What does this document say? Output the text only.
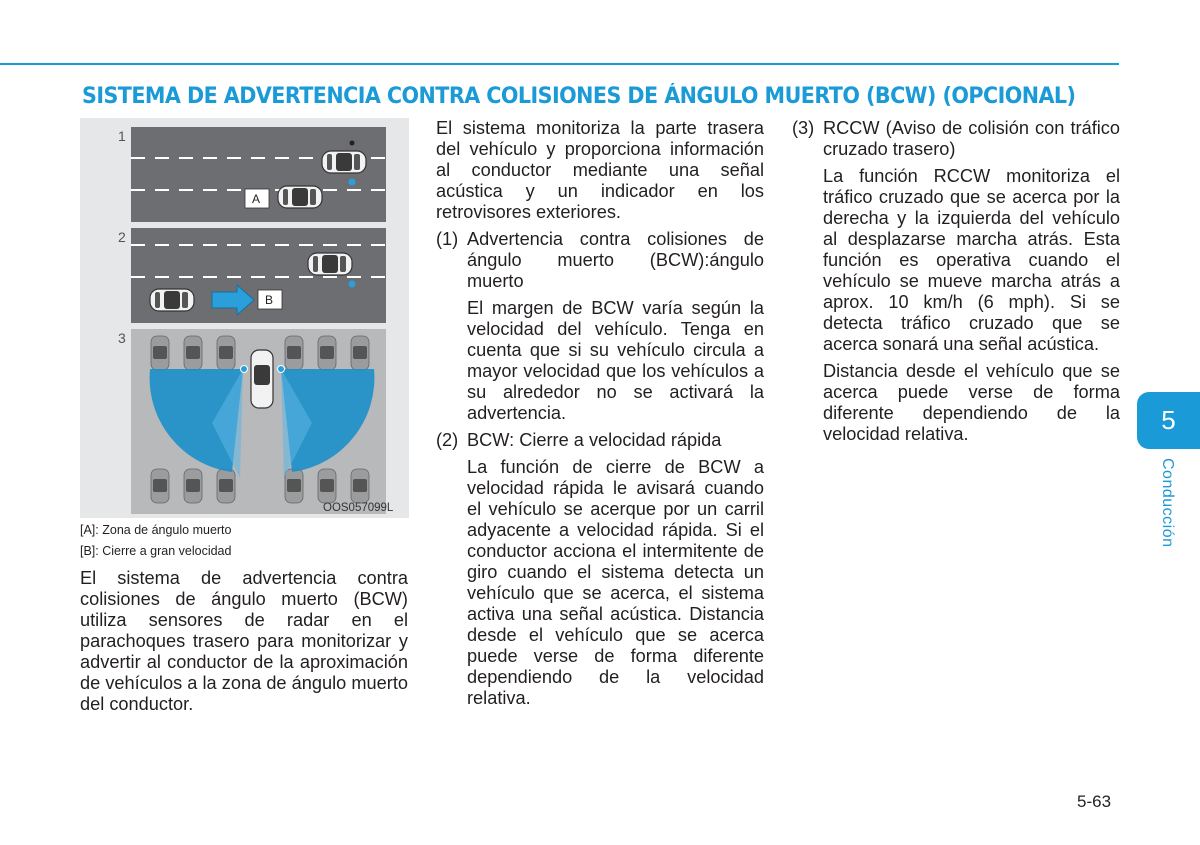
SISTEMA DE ADVERTENCIA CONTRA COLISIONES DE ÁNGULO MUERTO (BCW) (OPCIONAL)
1
2
3
A
B
OOS057099L
[A]: Zona de ángulo muerto
[B]: Cierre a gran velocidad
El sistema de advertencia contra colisiones de ángulo muerto (BCW) utiliza sensores de radar en el parachoques trasero para monitorizar y advertir al conductor de la aproximación de vehículos a la zona de ángulo muerto del conductor.

El sistema monitoriza la parte trasera del vehículo y proporciona información al conductor mediante una señal acústica y un indicador en los retrovisores exteriores.

(1) Advertencia contra colisiones de ángulo muerto (BCW):ángulo muerto

El margen de BCW varía según la velocidad del vehículo. Tenga en cuenta que si su vehículo circula a mayor velocidad que los vehículos a su alrededor no se activará la advertencia.

(2) BCW: Cierre a velocidad rápida

La función de cierre de BCW a velocidad rápida le avisará cuando el vehículo se acerque por un carril adyacente a velocidad rápida. Si el conductor acciona el intermitente de giro cuando el sistema detecta un vehículo que se acerca, el sistema activa una señal acústica. Distancia desde el vehículo que se acerca puede verse de forma diferente dependiendo de la velocidad relativa.

(3) RCCW (Aviso de colisión con tráfico cruzado trasero)

La función RCCW monitoriza el tráfico cruzado que se acerca por la derecha y la izquierda del vehículo al desplazarse marcha atrás. Esta función es operativa cuando el vehículo se mueve marcha atrás a aprox. 10 km/h (6 mph). Si se detecta tráfico cruzado que se acerca sonará una señal acústica.

Distancia desde el vehículo que se acerca puede verse de forma diferente dependiendo de la velocidad relativa.	5
Conducción
5-63
